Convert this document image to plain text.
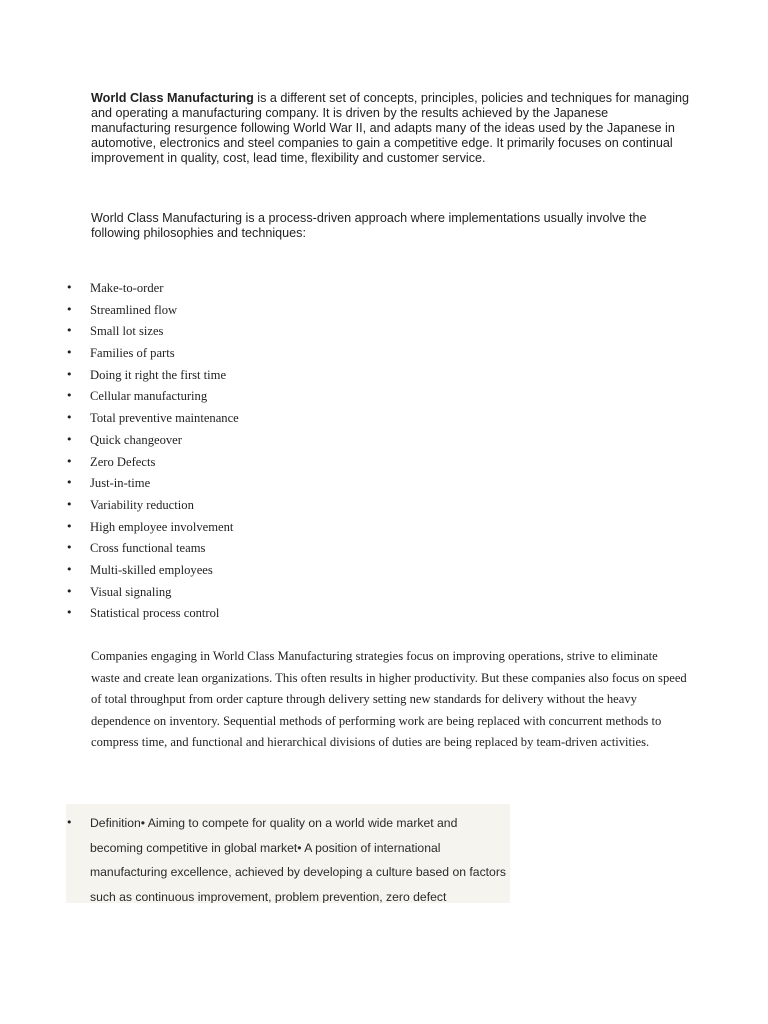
World Class Manufacturing is a different set of concepts, principles, policies and techniques for managing and operating a manufacturing company. It is driven by the results achieved by the Japanese manufacturing resurgence following World War II, and adapts many of the ideas used by the Japanese in automotive, electronics and steel companies to gain a competitive edge. It primarily focuses on continual improvement in quality, cost, lead time, flexibility and customer service.

World Class Manufacturing is a process-driven approach where implementations usually involve the following philosophies and techniques:

• Make-to-order
• Streamlined flow
• Small lot sizes
• Families of parts
• Doing it right the first time
• Cellular manufacturing
• Total preventive maintenance
• Quick changeover
• Zero Defects
• Just-in-time
• Variability reduction
• High employee involvement
• Cross functional teams
• Multi-skilled employees
• Visual signaling
• Statistical process control

Companies engaging in World Class Manufacturing strategies focus on improving operations, strive to eliminate waste and create lean organizations. This often results in higher productivity. But these companies also focus on speed of total throughput from order capture through delivery setting new standards for delivery without the heavy dependence on inventory. Sequential methods of performing work are being replaced with concurrent methods to compress time, and functional and hierarchical divisions of duties are being replaced by team-driven activities.

• Definition• Aiming to compete for quality on a world wide market and becoming competitive in global market• A position of international manufacturing excellence, achieved by developing a culture based on factors such as continuous improvement, problem prevention, zero defect
